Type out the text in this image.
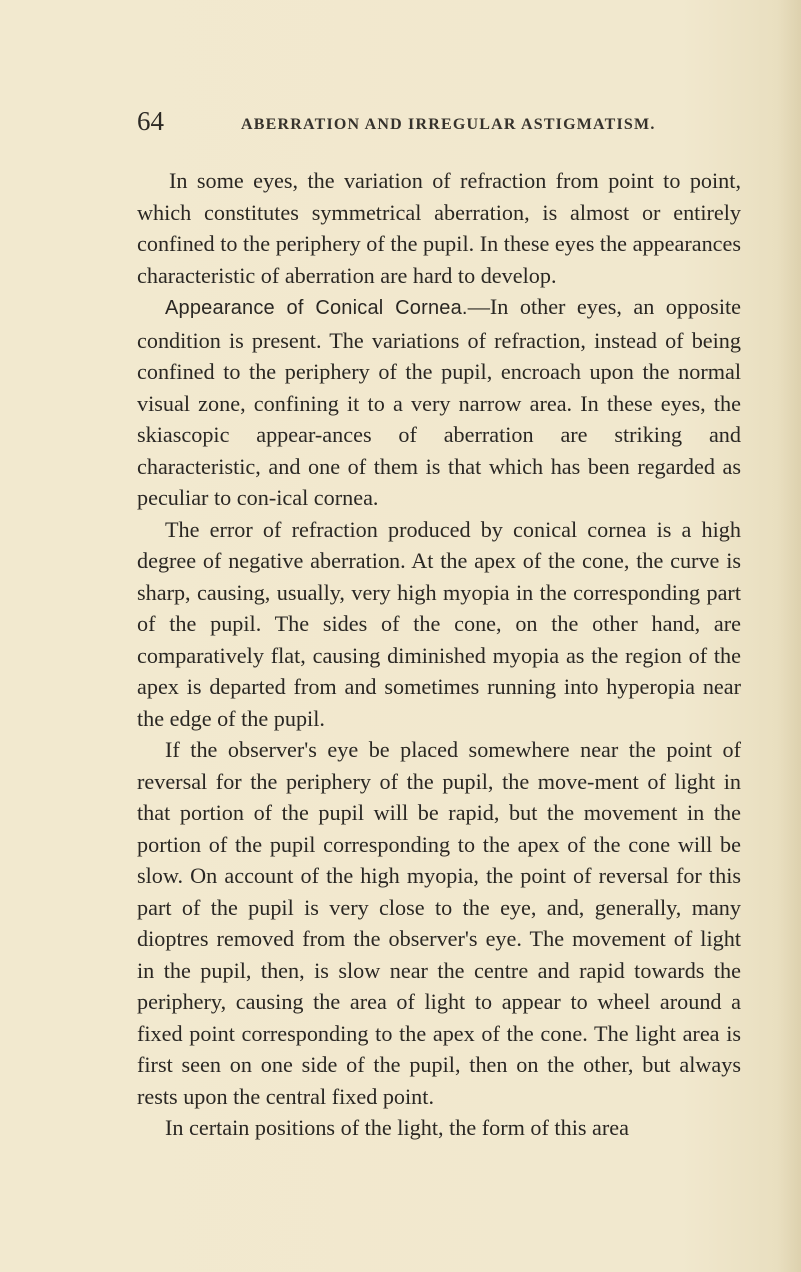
64	ABERRATION AND IRREGULAR ASTIGMATISM.

In some eyes, the variation of refraction from point to point, which constitutes symmetrical aberration, is almost or entirely confined to the periphery of the pupil. In these eyes the appearances characteristic of aberration are hard to develop.

Appearance of Conical Cornea.—In other eyes, an opposite condition is present. The variations of refraction, instead of being confined to the periphery of the pupil, encroach upon the normal visual zone, confining it to a very narrow area. In these eyes, the skiascopic appear-ances of aberration are striking and characteristic, and one of them is that which has been regarded as peculiar to con-ical cornea.

The error of refraction produced by conical cornea is a high degree of negative aberration. At the apex of the cone, the curve is sharp, causing, usually, very high myopia in the corresponding part of the pupil. The sides of the cone, on the other hand, are comparatively flat, causing diminished myopia as the region of the apex is departed from and sometimes running into hyperopia near the edge of the pupil.

If the observer's eye be placed somewhere near the point of reversal for the periphery of the pupil, the move-ment of light in that portion of the pupil will be rapid, but the movement in the portion of the pupil corresponding to the apex of the cone will be slow. On account of the high myopia, the point of reversal for this part of the pupil is very close to the eye, and, generally, many dioptres removed from the observer's eye. The movement of light in the pupil, then, is slow near the centre and rapid towards the periphery, causing the area of light to appear to wheel around a fixed point corresponding to the apex of the cone. The light area is first seen on one side of the pupil, then on the other, but always rests upon the central fixed point.

In certain positions of the light, the form of this area
